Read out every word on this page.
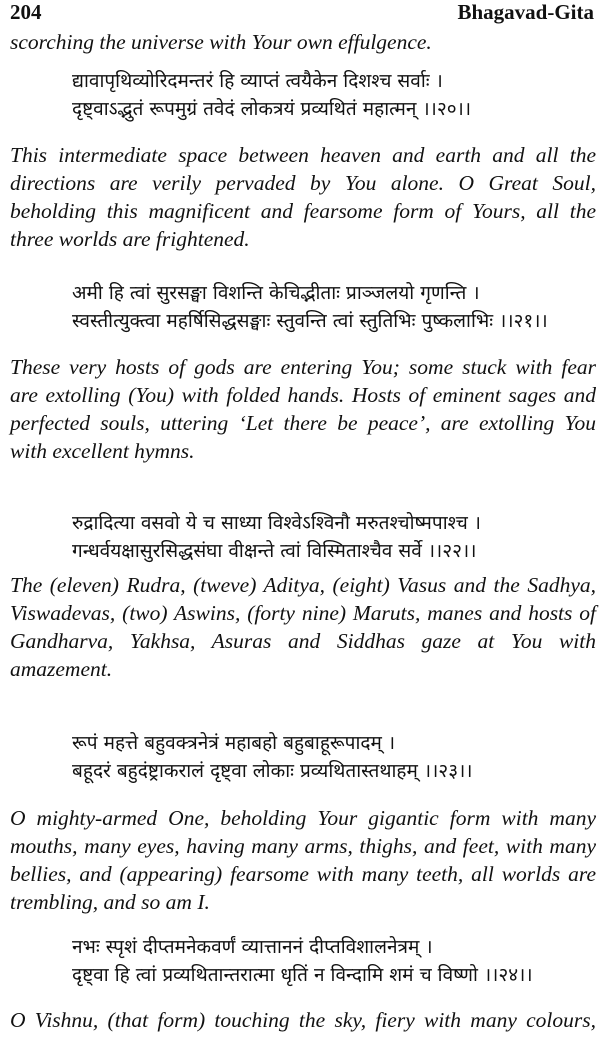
204	Bhagavad-Gita
scorching the universe with Your own effulgence.
द्यावापृथिव्योरिदमन्तरं हि व्याप्तं त्वयैकेन दिशश्च सर्वाः ।
दृष्ट्वाऽद्भुतं रूपमुग्रं तवेदं लोकत्रयं प्रव्यथितं महात्मन् ।।२०।।
This intermediate space between heaven and earth and all the
directions are verily pervaded by You alone. O Great Soul,
beholding this magnificent and fearsome form of Yours, all the
three worlds are frightened.
अमी हि त्वां सुरसङ्घा विशन्ति केचिद्भीताः प्राञ्जलयो गृणन्ति ।
स्वस्तीत्युक्त्वा महर्षिसिद्धसङ्घाः स्तुवन्ति त्वां स्तुतिभिः पुष्कलाभिः ।।२१।।
These very hosts of gods are entering You; some stuck with fear
are extolling (You) with folded hands. Hosts of eminent sages and
perfected souls, uttering ‘Let there be peace’, are extolling You
with excellent hymns.
रुद्रादित्या वसवो ये च साध्या विश्वेऽश्विनौ मरुतश्चोष्मपाश्च ।
गन्धर्वयक्षासुरसिद्धसंघा वीक्षन्ते त्वां विस्मिताश्चैव सर्वे ।।२२।।
The (eleven) Rudra, (tweve) Aditya, (eight) Vasus and the Sadhya,
Viswadevas, (two) Aswins, (forty nine) Maruts, manes and hosts of
Gandharva, Yakhsa, Asuras and Siddhas gaze at You with
amazement.
रूपं महत्ते बहुवक्त्रनेत्रं महाबहो बहुबाहूरूपादम् ।
बहूदरं बहुदंष्ट्राकरालं दृष्ट्वा लोकाः प्रव्यथितास्तथाहम् ।।२३।।
O mighty-armed One, beholding Your gigantic form with many
mouths, many eyes, having many arms, thighs, and feet, with many
bellies, and (appearing) fearsome with many teeth, all worlds are
trembling, and so am I.
नभः स्पृशं दीप्तमनेकवर्णं व्यात्ताननं दीप्तविशालनेत्रम् ।
दृष्ट्वा हि त्वां प्रव्यथितान्तरात्मा धृतिं न विन्दामि शमं च विष्णो ।।२४।।
O Vishnu, (that form) touching the sky, fiery with many colours,
